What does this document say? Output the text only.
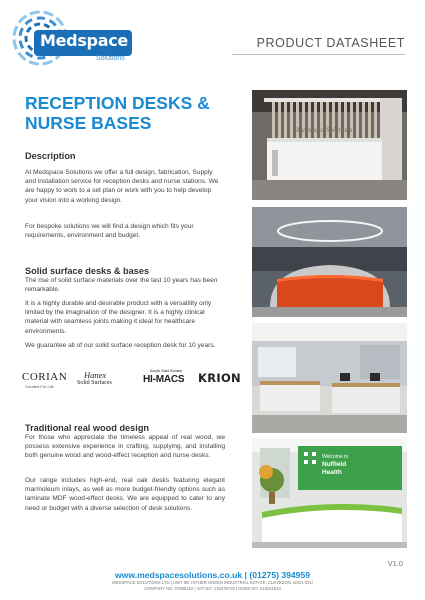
Medspace
Solutions
PRODUCT DATASHEET
RECEPTION DESKS &
NURSE BASES
Description

At Medspace Solutions we offer a full design, fabrication, Supply and installation service for reception desks and nurse stations. We are happy to work to a set plan or work with you to help develop your vision into a working design.

For bespoke solutions we will find a design which fits your requirements, environment and budget.

Solid surface desks & bases

The rise of solid surface materials over the last 10 years has been remarkable.

It is a highly durable and desirable product with a versatility only limited by the imagination of the designer. It is a highly clinical material with seamless joints making it ideal for healthcare environments.

We guarantee all of our solid surface reception desk for 10 years.

CORIAN
Created For Life
Hanex
Solid Surfaces
Acrylic Solid Surface
HI-MACS KRION
Traditional real wood design

For those who appreciate the timeless appeal of real wood, we possess extensive experience in crafting, supplying, and installing both genuine wood and wood-effect reception and nurse desks.

Our range includes high-end, real oak desks featuring elegant marmoleum inlays, as well as more budget-friendly options such as laminate MDF wood-effect desks. We are equipped to cater to any need or budget with a diverse selection of desk solutions.

Medspace Solutions
Welcome to
Nuffield
Health
V1.0
www.medspacesolutions.co.uk | (01275) 394959
MEDSPACE SOLUTIONS LTD | UNIT 5B, HITHER GREEN INDUSTRIAL ESTATE, CLEVEDON, BS21 6XU
COMPANY NO: 07985162 | VAT NO: 130378726 | DUNS NO: 218251524
